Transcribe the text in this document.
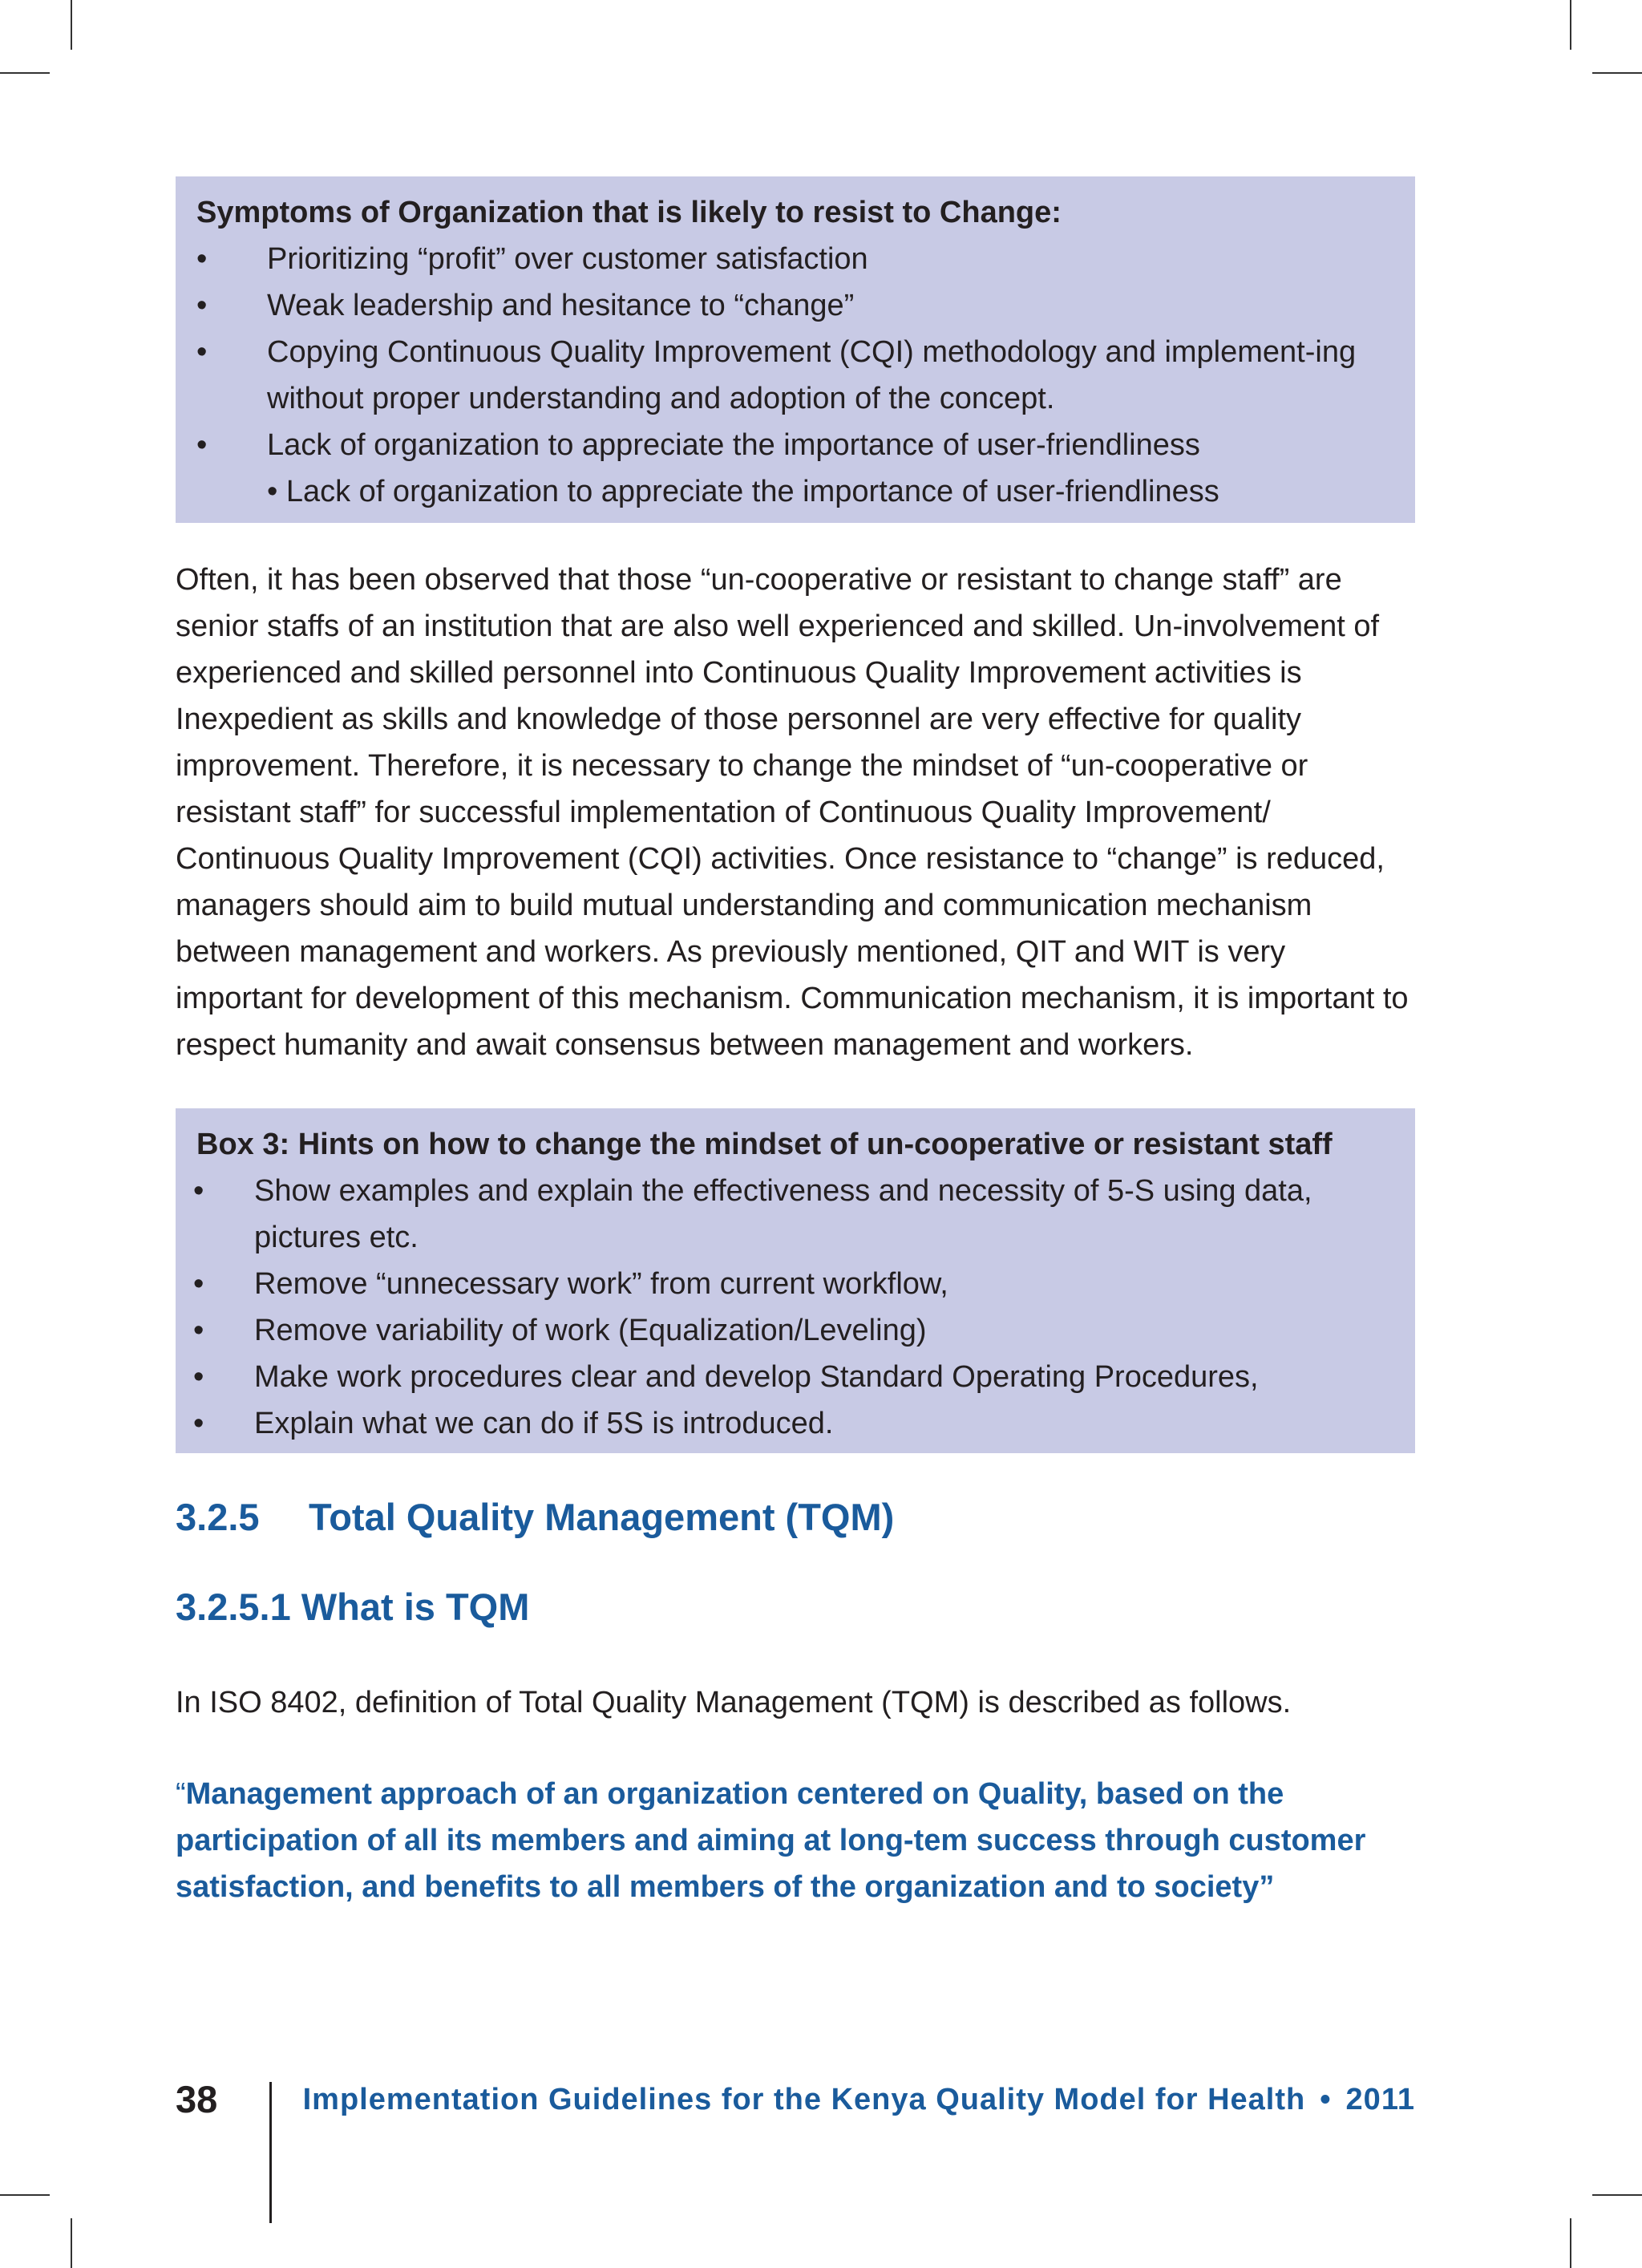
Symptoms of Organization that is likely to resist to Change:
• Prioritizing “profit” over customer satisfaction
• Weak leadership and hesitance to “change”
• Copying Continuous Quality Improvement (CQI) methodology and implement-ing without proper understanding and adoption of the concept.
• Lack of organization to appreciate the importance of user-friendliness
• Lack of organization to appreciate the importance of user-friendliness

Often, it has been observed that those “un-cooperative or resistant to change staff” are senior staffs of an institution that are also well experienced and skilled. Un-involvement of experienced and skilled personnel into Continuous Quality Improvement activities is Inexpedient as skills and knowledge of those personnel are very effective for quality improvement. Therefore, it is necessary to change the mindset of “un-cooperative or resistant staff” for successful implementation of Continuous Quality Improvement/ Continuous Quality Improvement (CQI) activities. Once resistance to “change” is reduced, managers should aim to build mutual understanding and communication mechanism between management and workers. As previously mentioned, QIT and WIT is very important for development of this mechanism. Communication mechanism, it is important to respect humanity and await consensus between management and workers.

Box 3: Hints on how to change the mindset of un-cooperative or resistant staff
• Show examples and explain the effectiveness and necessity of 5-S using data, pictures etc.
• Remove “unnecessary work” from current workflow,
• Remove variability of work (Equalization/Leveling)
• Make work procedures clear and develop Standard Operating Procedures,
• Explain what we can do if 5S is introduced.
3.2.5 Total Quality Management (TQM)
3.2.5.1 What is TQM

In ISO 8402, definition of Total Quality Management (TQM) is described as follows.

“Management approach of an organization centered on Quality, based on the participation of all its members and aiming at long-tem success through customer satisfaction, and benefits to all members of the organization and to society”

38	Implementation Guidelines for the Kenya Quality Model for Health • 2011
